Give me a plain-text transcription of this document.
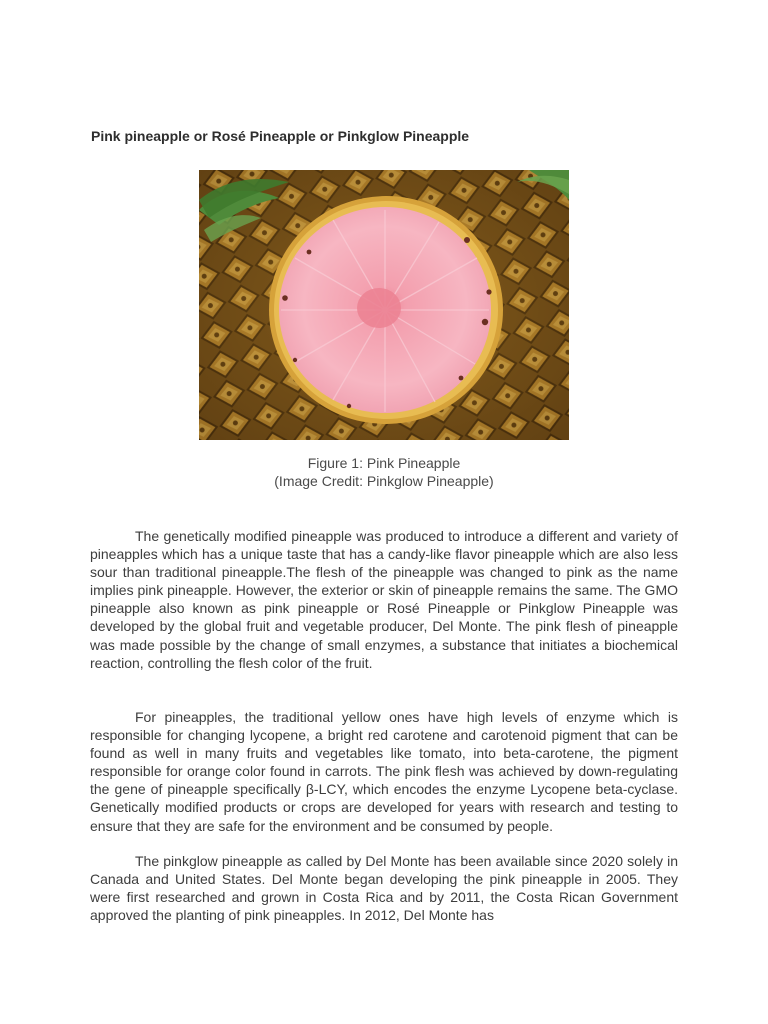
Pink pineapple or Rosé Pineapple or Pinkglow Pineapple
Figure 1: Pink Pineapple
(Image Credit: Pinkglow Pineapple)

The genetically modified pineapple was produced to introduce a different and variety of pineapples which has a unique taste that has a candy-like flavor pineapple which are also less sour than traditional pineapple.The flesh of the pineapple was changed to pink as the name implies pink pineapple. However, the exterior or skin of pineapple remains the same. The GMO pineapple also known as pink pineapple or Rosé Pineapple or Pinkglow Pineapple was developed by the global fruit and vegetable producer, Del Monte. The pink flesh of pineapple was made possible by the change of small enzymes, a substance that initiates a biochemical reaction, controlling the flesh color of the fruit.

For pineapples, the traditional yellow ones have high levels of enzyme which is responsible for changing lycopene, a bright red carotene and carotenoid pigment that can be found as well in many fruits and vegetables like tomato, into beta-carotene, the pigment responsible for orange color found in carrots. The pink flesh was achieved by down-regulating the gene of pineapple specifically β-LCY, which encodes the enzyme Lycopene beta-cyclase. Genetically modified products or crops are developed for years with research and testing to ensure that they are safe for the environment and be consumed by people.

The pinkglow pineapple as called by Del Monte has been available since 2020 solely in Canada and United States. Del Monte began developing the pink pineapple in 2005. They were first researched and grown in Costa Rica and by 2011, the Costa Rican Government approved the planting of pink pineapples. In 2012, Del Monte has
